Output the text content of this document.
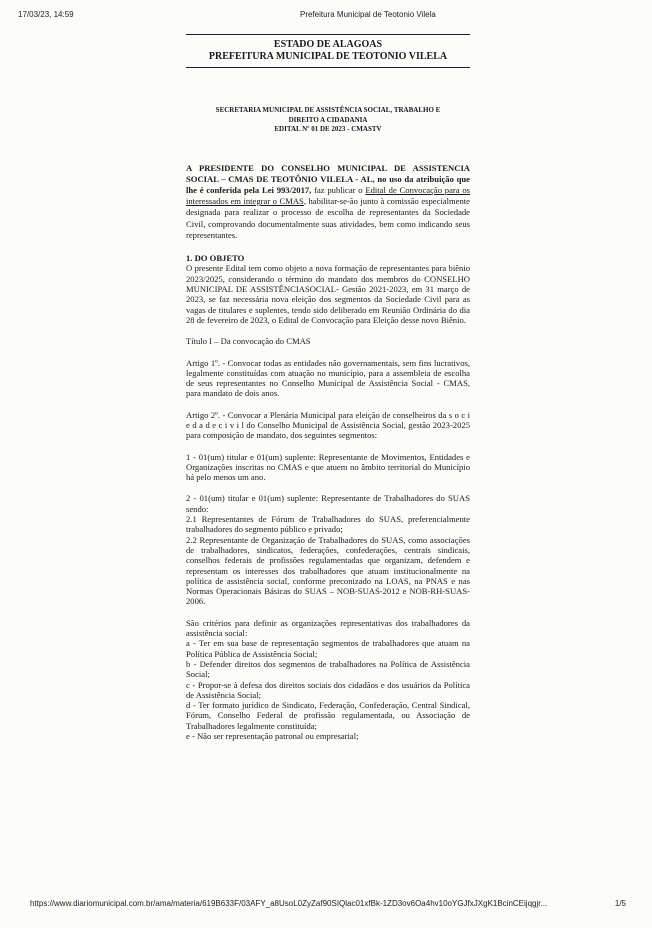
17/03/23, 14:59	Prefeitura Municipal de Teotonio Vilela
ESTADO DE ALAGOAS
PREFEITURA MUNICIPAL DE TEOTONIO VILELA
SECRETARIA MUNICIPAL DE ASSISTÊNCIA SOCIAL, TRABALHO E
DIREITO A CIDADANIA
EDITAL Nº 01 DE 2023 - CMASTV
A PRESIDENTE DO CONSELHO MUNICIPAL DE ASSISTENCIA SOCIAL – CMAS DE TEOTÔNIO VILELA - AL, no uso da atribuição que lhe é conferida pela Lei 993/2017, faz publicar o Edital de Convocação para os interessados em integrar o CMAS, habilitar-se-ão junto à comissão especialmente designada para realizar o processo de escolha de representantes da Sociedade Civil, comprovando documentalmente suas atividades, bem como indicando seus representantes.
1. DO OBJETO

O presente Edital tem como objeto a nova formação de representantes para biênio 2023/2025, considerando o término do mandato dos membros do CONSELHO MUNICIPAL DE ASSISTÊNCIASOCIAL- Gestão 2021-2023, em 31 março de 2023, se faz necessária nova eleição dos segmentos da Sociedade Civil para as vagas de titulares e suplentes, tendo sido deliberado em Reunião Ordinária do dia 28 de fevereiro de 2023, o Edital de Convocação para Eleição desse novo Biênio.

Título I – Da convocação do CMAS

Artigo 1º. - Convocar todas as entidades não governamentais, sem fins lucrativos, legalmente constituídas com atuação no município, para a assembleia de escolha de seus representantes no Conselho Municipal de Assistência Social - CMAS, para mandato de dois anos.

Artigo 2º. - Convocar a Plenária Municipal para eleição de conselheiros da s o c i e d a d e c i v i l do Conselho Municipal de Assistência Social, gestão 2023-2025 para composição de mandato, dos seguintes segmentos:

1 - 01(um) titular e 01(um) suplente: Representante de Movimentos, Entidades e Organizações inscritas no CMAS e que atuem no âmbito territorial do Município há pelo menos um ano.

2 - 01(um) titular e 01(um) suplente: Representante de Trabalhadores do SUAS sendo:

2.1 Representantes de Fórum de Trabalhadores do SUAS, preferencialmente trabalhadores do segmento público e privado;

2.2 Representante de Organização de Trabalhadores do SUAS, como associações de trabalhadores, sindicatos, federações, confederações, centrais sindicais, conselhos federais de profissões regulamentadas que organizam, defendem e representam os interesses dos trabalhadores que atuam institucionalmente na política de assistência social, conforme preconizado na LOAS, na PNAS e nas Normas Operacionais Básicas do SUAS – NOB-SUAS-2012 e NOB-RH-SUAS-2006.

São critérios para definir as organizações representativas dos trabalhadores da assistência social:

a - Ter em sua base de representação segmentos de trabalhadores que atuam na Política Pública de Assistência Social;

b - Defender direitos dos segmentos de trabalhadores na Política de Assistência Social;

c - Propor-se à defesa dos direitos sociais dos cidadãos e dos usuários da Política de Assistência Social;

d - Ter formato jurídico de Sindicato, Federação, Confederação, Central Sindical, Fórum, Conselho Federal de profissão regulamentada, ou Associação de Trabalhadores legalmente constituída;

e - Não ser representação patronal ou empresarial;

https://www.diariomunicipal.com.br/ama/materia/619B633F/03AFY_a8UsoL0ZyZaf90SIQlac01xfBk-1ZD3ov6Oa4hv10oYGJfxJXgK1BcinCEijqgjr...	1/5
